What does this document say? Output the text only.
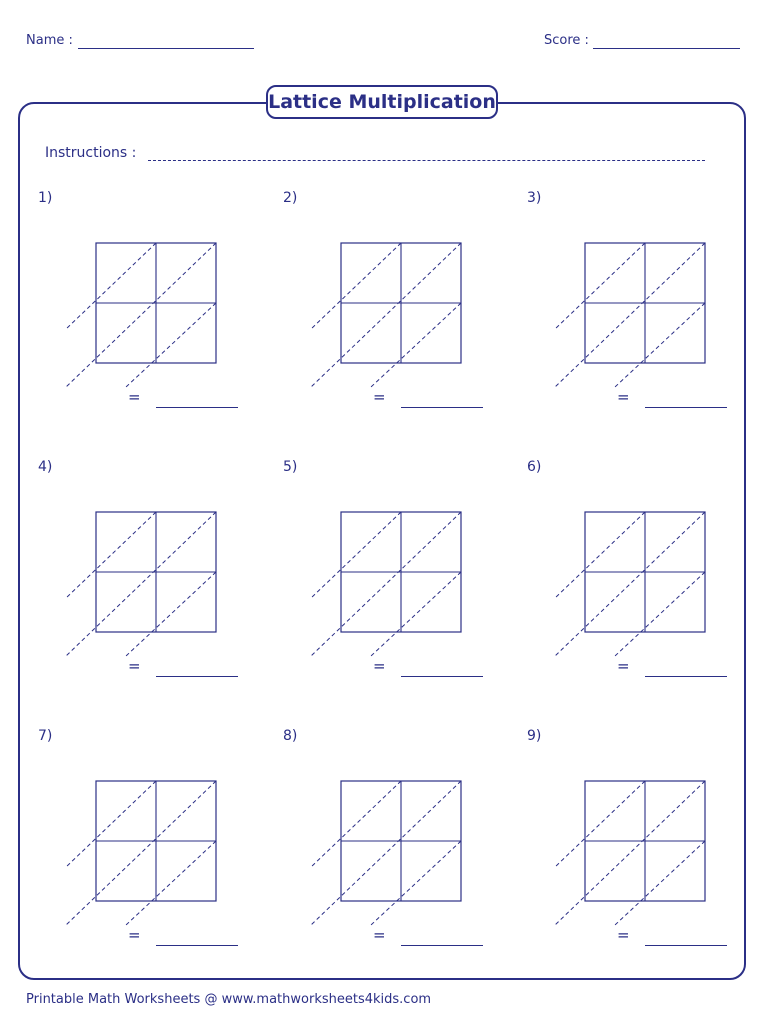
Name :	Score :
Lattice Multiplication
Instructions :
1)
=
2)
=
3)
=
4)
=
5)
=
6)
=
7)
=
8)
=
9)
=
Printable Math Worksheets @ www.mathworksheets4kids.com
